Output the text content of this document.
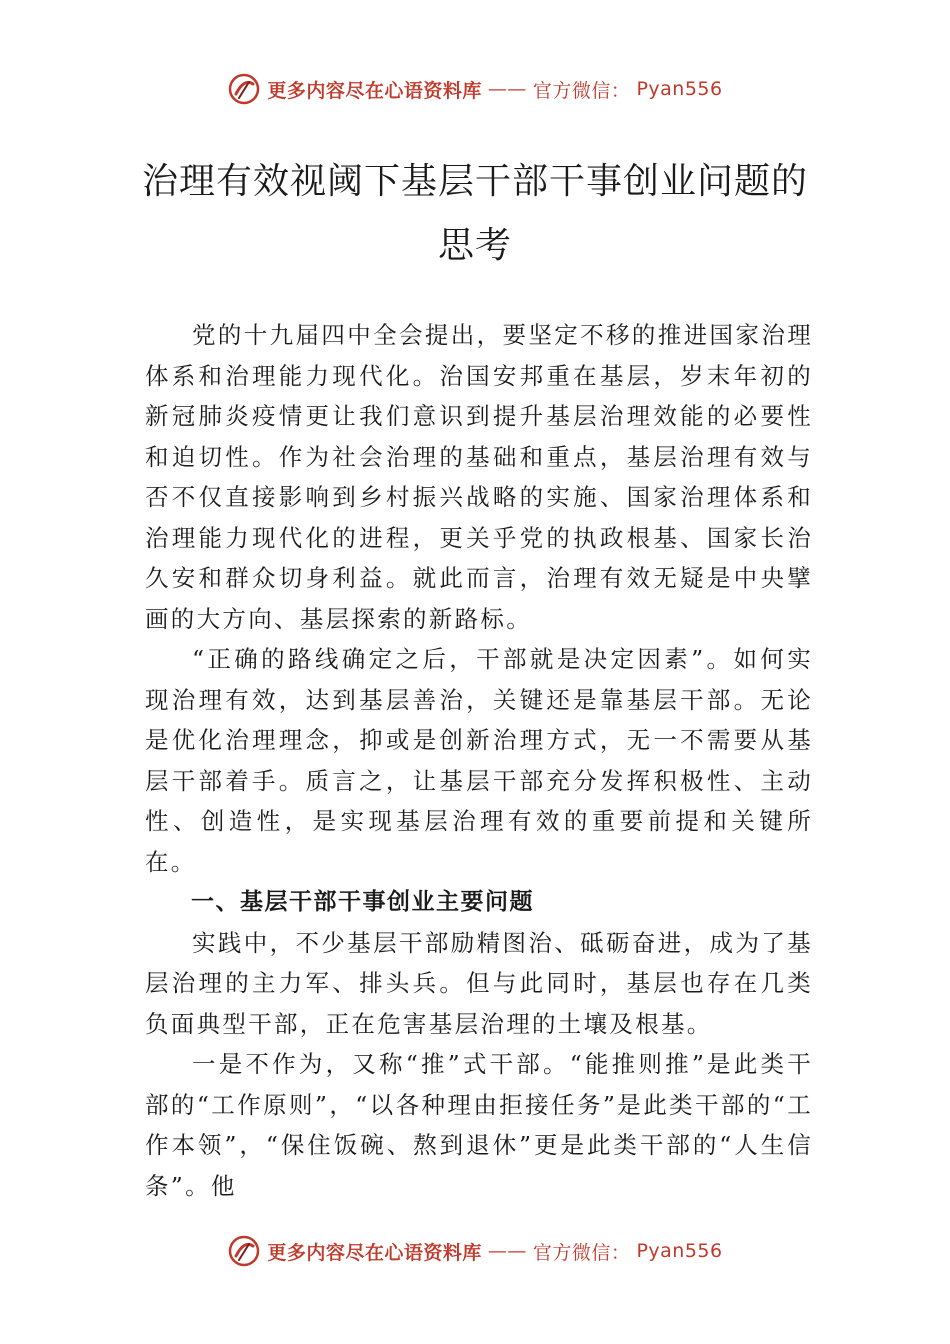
更多内容尽在心语资料库 —— 官方微信： Pyan556
治理有效视阈下基层干部干事创业问题的
思考

党的十九届四中全会提出，要坚定不移的推进国家治理体系和治理能力现代化。治国安邦重在基层，岁末年初的新冠肺炎疫情更让我们意识到提升基层治理效能的必要性和迫切性。作为社会治理的基础和重点，基层治理有效与否不仅直接影响到乡村振兴战略的实施、国家治理体系和治理能力现代化的进程，更关乎党的执政根基、国家长治久安和群众切身利益。就此而言，治理有效无疑是中央擘画的大方向、基层探索的新路标。

“正确的路线确定之后，干部就是决定因素”。如何实现治理有效，达到基层善治，关键还是靠基层干部。无论是优化治理理念，抑或是创新治理方式，无一不需要从基层干部着手。质言之，让基层干部充分发挥积极性、主动性、创造性，是实现基层治理有效的重要前提和关键所在。

一、基层干部干事创业主要问题

实践中，不少基层干部励精图治、砥砺奋进，成为了基层治理的主力军、排头兵。但与此同时，基层也存在几类负面典型干部，正在危害基层治理的土壤及根基。

一是不作为，又称“推”式干部。“能推则推”是此类干部的“工作原则”，“以各种理由拒接任务”是此类干部的“工作本领”，“保住饭碗、熬到退休”更是此类干部的“人生信条”。他

更多内容尽在心语资料库 —— 官方微信： Pyan556
